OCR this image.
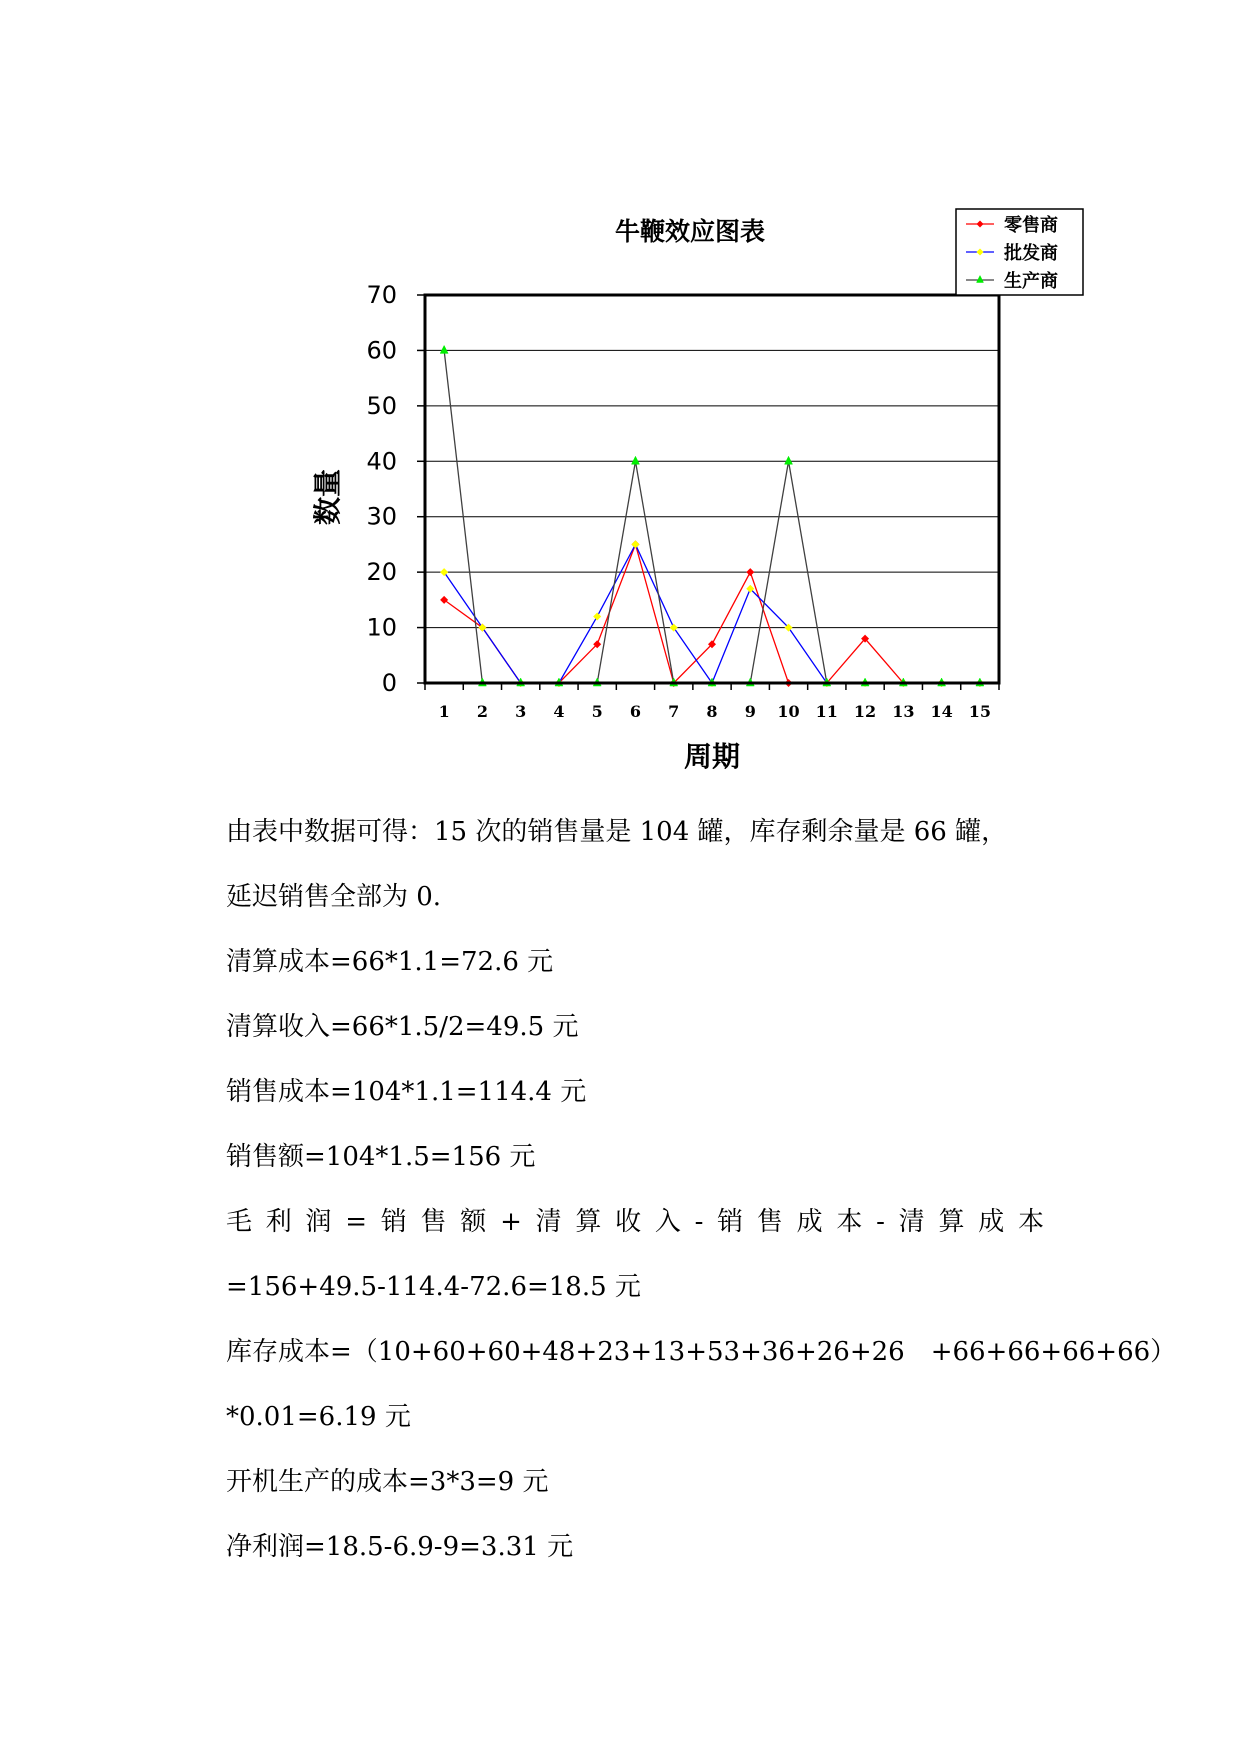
牛鞭效应图表
数量
周期
0
10
20
30
40
50
60
70
1 2 3 4 5 6 7 8 9 10 11 12 13 14 15
零售商
批发商
生产商

由表中数据可得：15 次的销售量是 104 罐，库存剩余量是 66 罐，

延迟销售全部为 0.

清算成本=66*1.1=72.6 元

清算收入=66*1.5/2=49.5 元

销售成本=104*1.1=114.4 元

销售额=104*1.5=156 元

毛利润=销售额+清算收入-销售成本-清算成本

=156+49.5-114.4-72.6=18.5 元

库存成本=（10+60+60+48+23+13+53+36+26+26　+66+66+66+66）

*0.01=6.19 元

开机生产的成本=3*3=9 元

净利润=18.5-6.9-9=3.31 元
